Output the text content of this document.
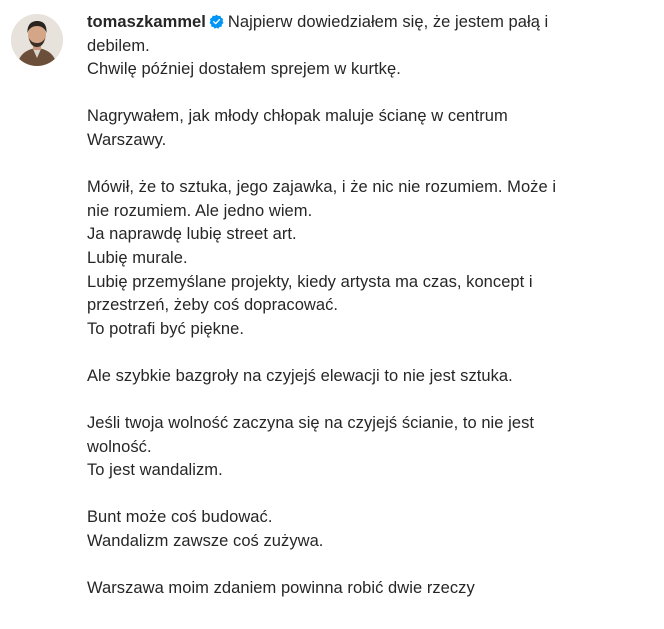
tomaszkammel Najpierw dowiedziałem się, że jestem pałą i
debilem.
Chwilę później dostałem sprejem w kurtkę.
Nagrywałem, jak młody chłopak maluje ścianę w centrum
Warszawy.
Mówił, że to sztuka, jego zajawka, i że nic nie rozumiem. Może i
nie rozumiem. Ale jedno wiem.
Ja naprawdę lubię street art.
Lubię murale.
Lubię przemyślane projekty, kiedy artysta ma czas, koncept i
przestrzeń, żeby coś dopracować.
To potrafi być piękne.
Ale szybkie bazgroły na czyjejś elewacji to nie jest sztuka.
Jeśli twoja wolność zaczyna się na czyjejś ścianie, to nie jest
wolność.
To jest wandalizm.
Bunt może coś budować.
Wandalizm zawsze coś zużywa.
Warszawa moim zdaniem powinna robić dwie rzeczy
